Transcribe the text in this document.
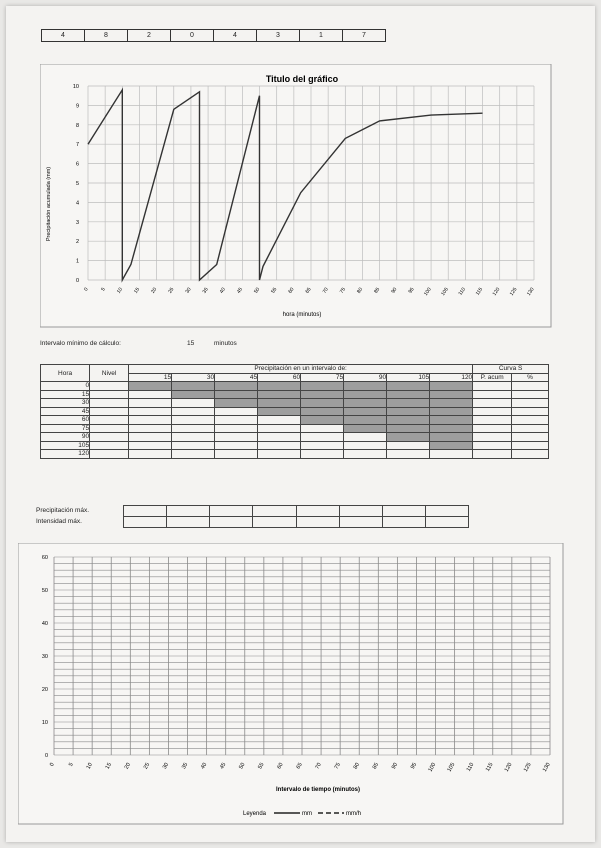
4	8	2	0	4	3	1	7
Titulo del gráfico
0
1
2
3
4
5
6
7
8
9
10
0 5 10 15 20 25 30 35 40 45 50 55 60 65 70 75 80 85 90 95 100 105 110 115 120 125 130
Precipitación acumulada (mm)
hora (minutos)
Intervalo mínimo de cálculo:	15	minutos
Hora	Nivel	Precipitación en un intervalo de:								Curva S	
		15	30	45	60	75	90	105	120	P. acum	%
0											
15											
30											
45											
60											
75											
90											
105											
120											
Precipitación máx.
Intensidad máx.

0
10
20
30
40
50
60
0 5 10 15 20 25 30 35 40 45 50 55 60 65 70 75 80 85 90 95 100 105 110 115 120 125 130
Intervalo de tiempo (minutos)
Leyenda	mm	mm/h
